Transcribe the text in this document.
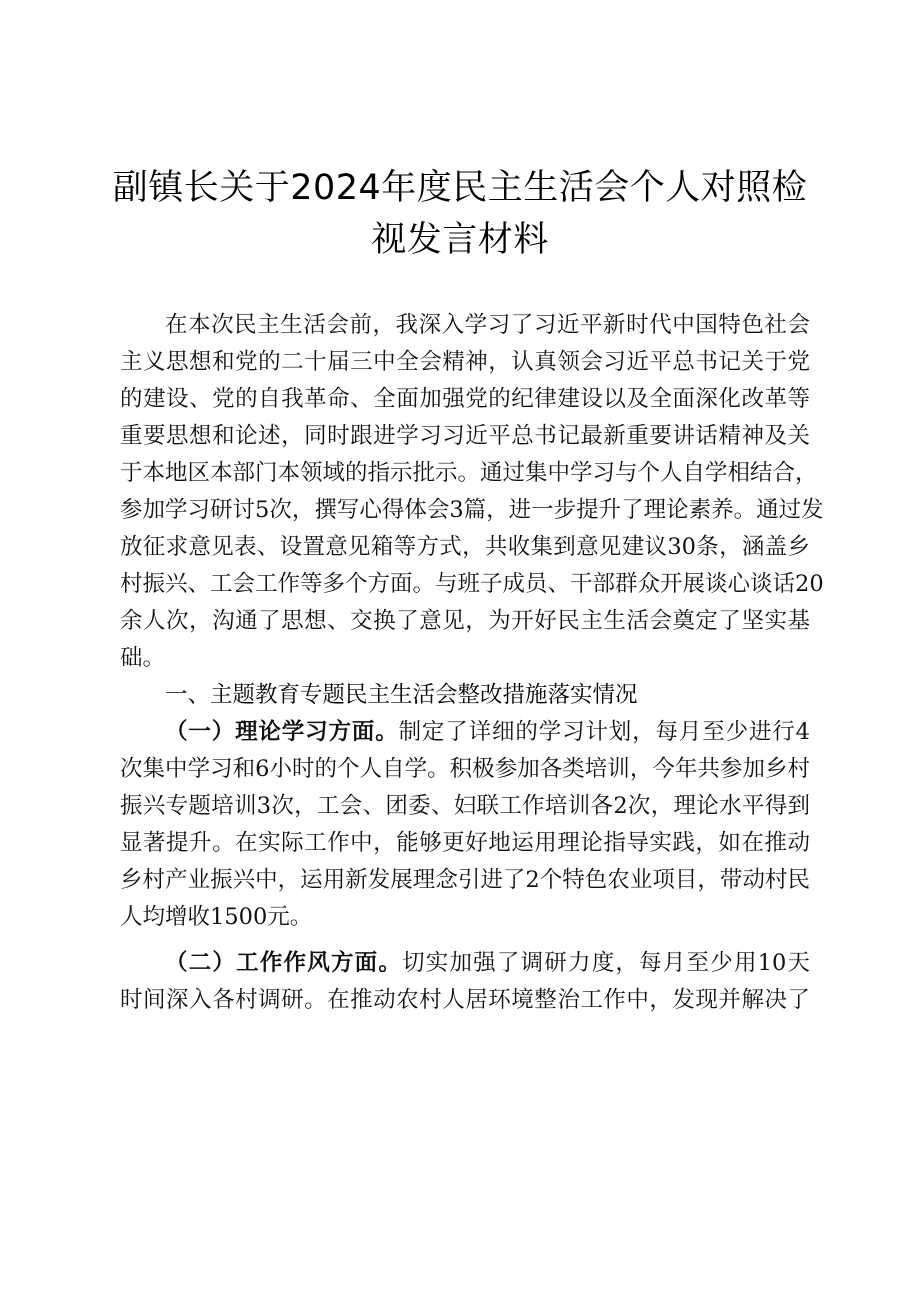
副镇长关于2024年度民主生活会个人对照检
视发言材料
在本次民主生活会前，我深入学习了习近平新时代中国特色社会
主义思想和党的二十届三中全会精神，认真领会习近平总书记关于党
的建设、党的自我革命、全面加强党的纪律建设以及全面深化改革等
重要思想和论述，同时跟进学习习近平总书记最新重要讲话精神及关
于本地区本部门本领域的指示批示。通过集中学习与个人自学相结合，
参加学习研讨5次，撰写心得体会3篇，进一步提升了理论素养。通过发
放征求意见表、设置意见箱等方式，共收集到意见建议30条，涵盖乡
村振兴、工会工作等多个方面。与班子成员、干部群众开展谈心谈话20
余人次，沟通了思想、交换了意见，为开好民主生活会奠定了坚实基
础。
一、主题教育专题民主生活会整改措施落实情况
（一）理论学习方面。制定了详细的学习计划，每月至少进行4
次集中学习和6小时的个人自学。积极参加各类培训，今年共参加乡村
振兴专题培训3次，工会、团委、妇联工作培训各2次，理论水平得到
显著提升。在实际工作中，能够更好地运用理论指导实践，如在推动
乡村产业振兴中，运用新发展理念引进了2个特色农业项目，带动村民
人均增收1500元。
（二）工作作风方面。切实加强了调研力度，每月至少用10天
时间深入各村调研。在推动农村人居环境整治工作中，发现并解决了
